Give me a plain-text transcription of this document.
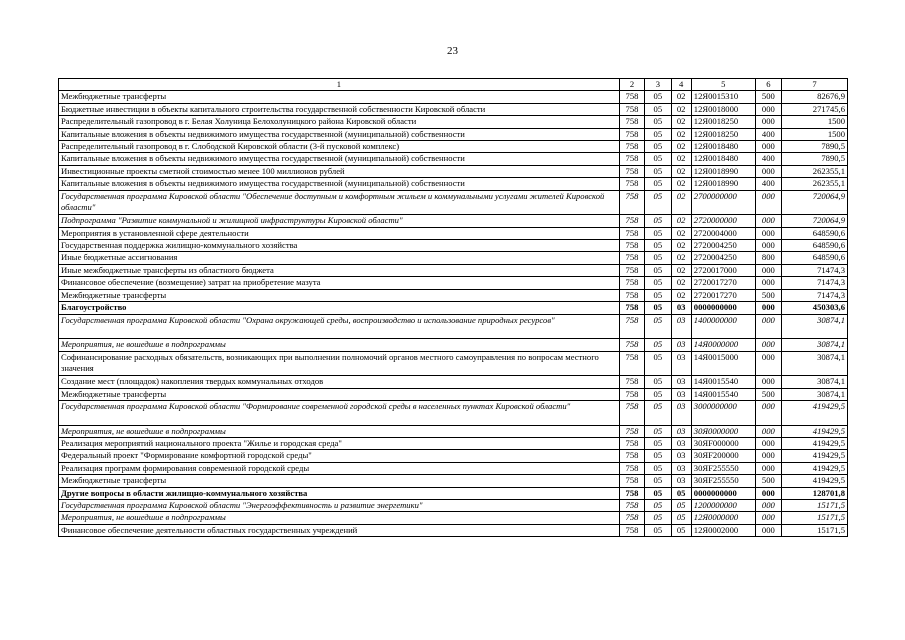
23
1	2	3	4	5	6	7
Межбюджетные трансферты	758	05	02	12Я0015310	500	82676,9
Бюджетные инвестиции в объекты капитального строительства государственной собственности Кировской области	758	05	02	12Я0018000	000	271745,6
Распределительный газопровод в г. Белая Холуница Белохолуницкого района Кировской области	758	05	02	12Я0018250	000	1500
Капитальные вложения в объекты недвижимого имущества государственной (муниципальной) собственности	758	05	02	12Я0018250	400	1500
Распределительный газопровод в г. Слободской Кировской области (3-й пусковой комплекс)	758	05	02	12Я0018480	000	7890,5
Капитальные вложения в объекты недвижимого имущества государственной (муниципальной) собственности	758	05	02	12Я0018480	400	7890,5
Инвестиционные проекты сметной стоимостью менее 100 миллионов рублей	758	05	02	12Я0018990	000	262355,1
Капитальные вложения в объекты недвижимого имущества государственной (муниципальной) собственности	758	05	02	12Я0018990	400	262355,1
Государственная программа Кировской области "Обеспечение доступным и комфортным жильем и коммунальными услугами жителей Кировской области"	758	05	02	2700000000	000	720064,9
Подпрограмма "Развитие коммунальной и жилищной инфраструктуры Кировской области"	758	05	02	2720000000	000	720064,9
Мероприятия в установленной сфере деятельности	758	05	02	2720004000	000	648590,6
Государственная поддержка жилищно-коммунального хозяйства	758	05	02	2720004250	000	648590,6
Иные бюджетные ассигнования	758	05	02	2720004250	800	648590,6
Иные межбюджетные трансферты из областного бюджета	758	05	02	2720017000	000	71474,3
Финансовое обеспечение (возмещение) затрат на приобретение мазута	758	05	02	2720017270	000	71474,3
Межбюджетные трансферты	758	05	02	2720017270	500	71474,3
Благоустройство	758	05	03	0000000000	000	450303,6
Государственная программа Кировской области "Охрана окружающей среды, воспроизводство и использование природных ресурсов"	758	05	03	1400000000	000	30874,1
Мероприятия, не вошедшие в подпрограммы	758	05	03	14Я0000000	000	30874,1
Софинансирование расходных обязательств, возникающих при выполнении полномочий органов местного самоуправления по вопросам местного значения	758	05	03	14Я0015000	000	30874,1
Создание мест (площадок) накопления твердых коммунальных отходов	758	05	03	14Я0015540	000	30874,1
Межбюджетные трансферты	758	05	03	14Я0015540	500	30874,1
Государственная программа Кировской области "Формирование современной городской среды в населенных пунктах Кировской области"	758	05	03	3000000000	000	419429,5
Мероприятия, не вошедшие в подпрограммы	758	05	03	30Я0000000	000	419429,5
Реализация мероприятий национального проекта "Жилье и городская среда"	758	05	03	30ЯF000000	000	419429,5
Федеральный проект "Формирование комфортной городской среды"	758	05	03	30ЯF200000	000	419429,5
Реализация программ формирования современной городской среды	758	05	03	30ЯF255550	000	419429,5
Межбюджетные трансферты	758	05	03	30ЯF255550	500	419429,5
Другие вопросы в области жилищно-коммунального хозяйства	758	05	05	0000000000	000	128701,8
Государственная программа Кировской области "Энергоэффективность и развитие энергетики"	758	05	05	1200000000	000	15171,5
Мероприятия, не вошедшие в подпрограммы	758	05	05	12Я0000000	000	15171,5
Финансовое обеспечение деятельности областных государственных учреждений	758	05	05	12Я0002000	000	15171,5
